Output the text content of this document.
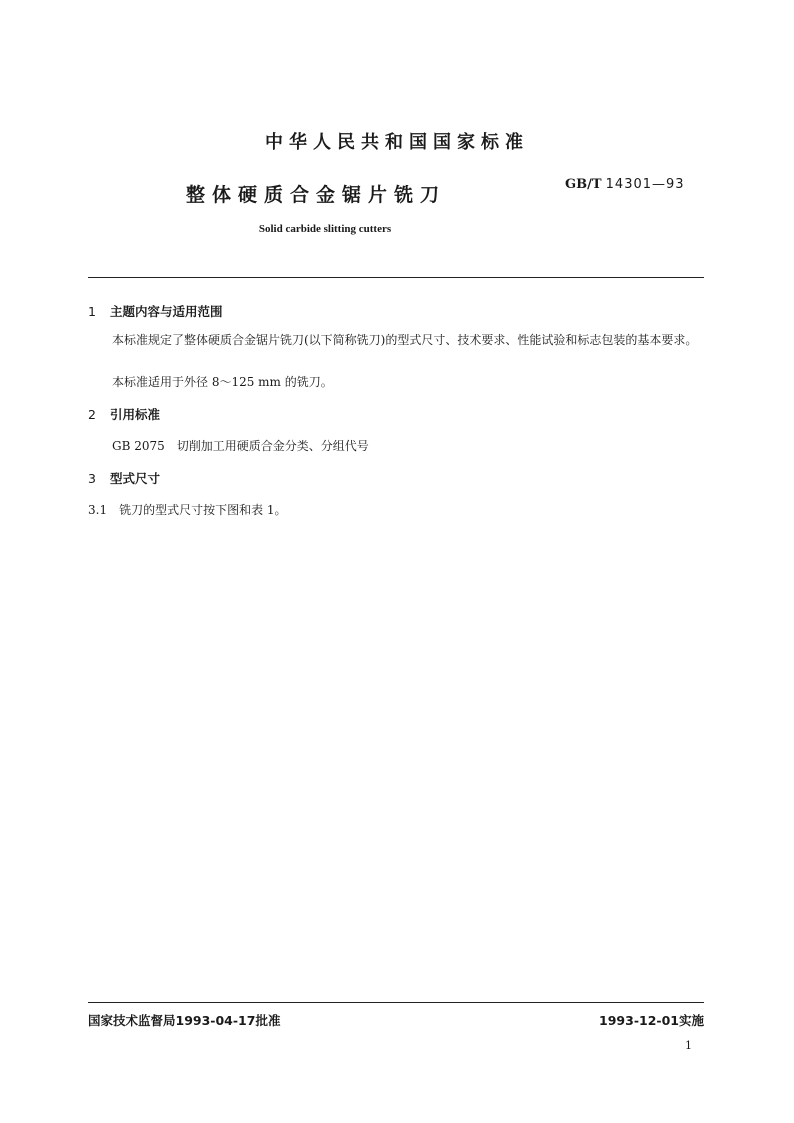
中华人民共和国国家标准
整体硬质合金锯片铣刀	GB/T 14301—93
Solid carbide slitting cutters
1 主题内容与适用范围
本标准规定了整体硬质合金锯片铣刀(以下简称铣刀)的型式尺寸、技术要求、性能试验和标志包装的基本要求。
本标准适用于外径 8～125 mm 的铣刀。
2 引用标准
GB 2075　切削加工用硬质合金分类、分组代号
3 型式尺寸
3.1　铣刀的型式尺寸按下图和表 1。
国家技术监督局1993-04-17批准	1993-12-01实施
1
